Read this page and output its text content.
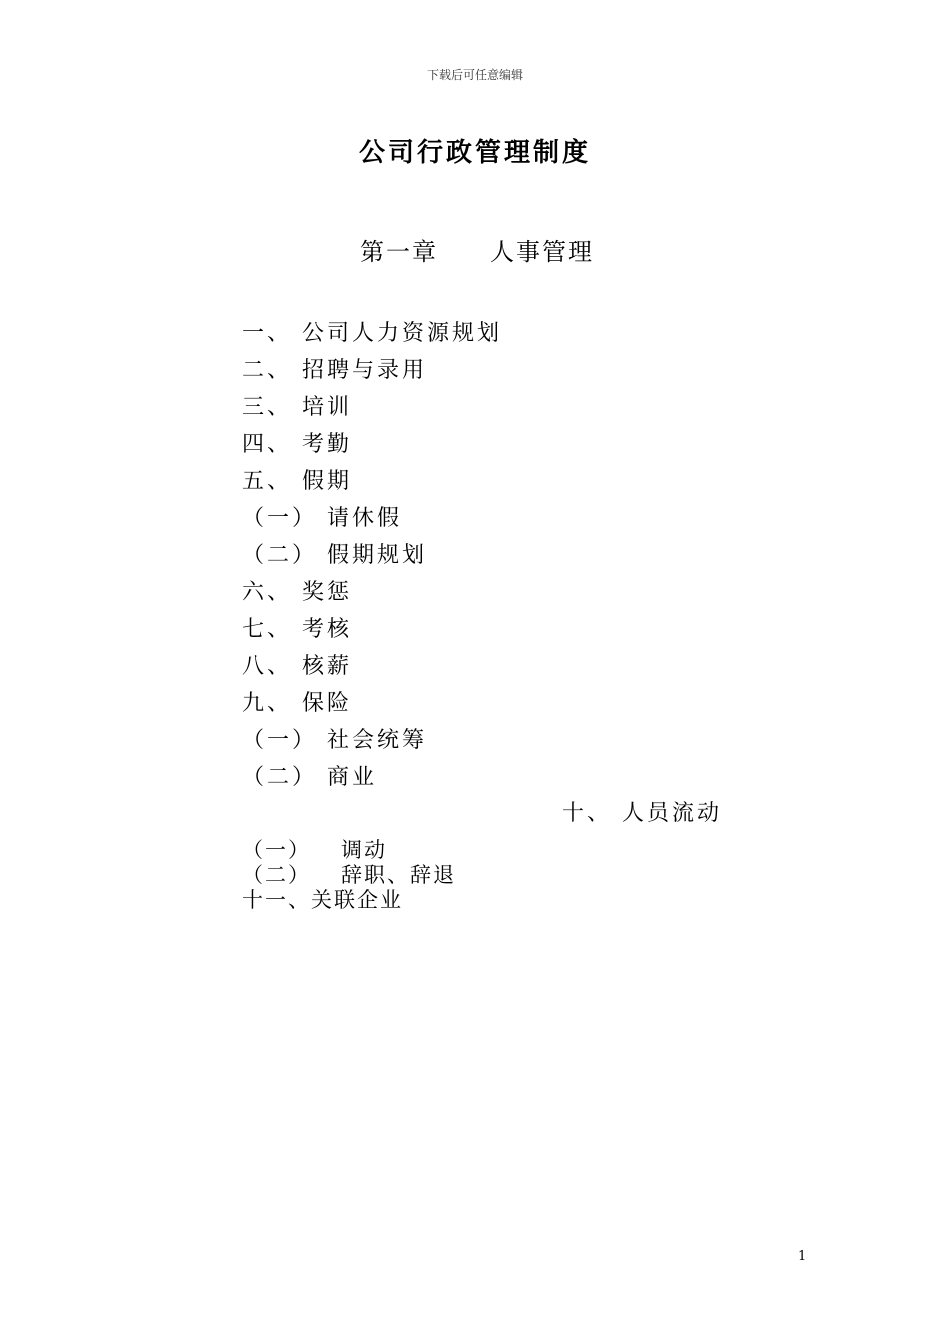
下载后可任意编辑
公司行政管理制度
第一章 人事管理
一、 公司人力资源规划
二、 招聘与录用
三、 培训
四、 考勤
五、 假期
（一） 请休假
（二） 假期规划
六、 奖惩
七、 考核
八、 核薪
九、 保险
（一） 社会统筹
（二） 商业
十、 人员流动
（一） 调动
（二） 辞职、辞退
十一、关联企业
1
